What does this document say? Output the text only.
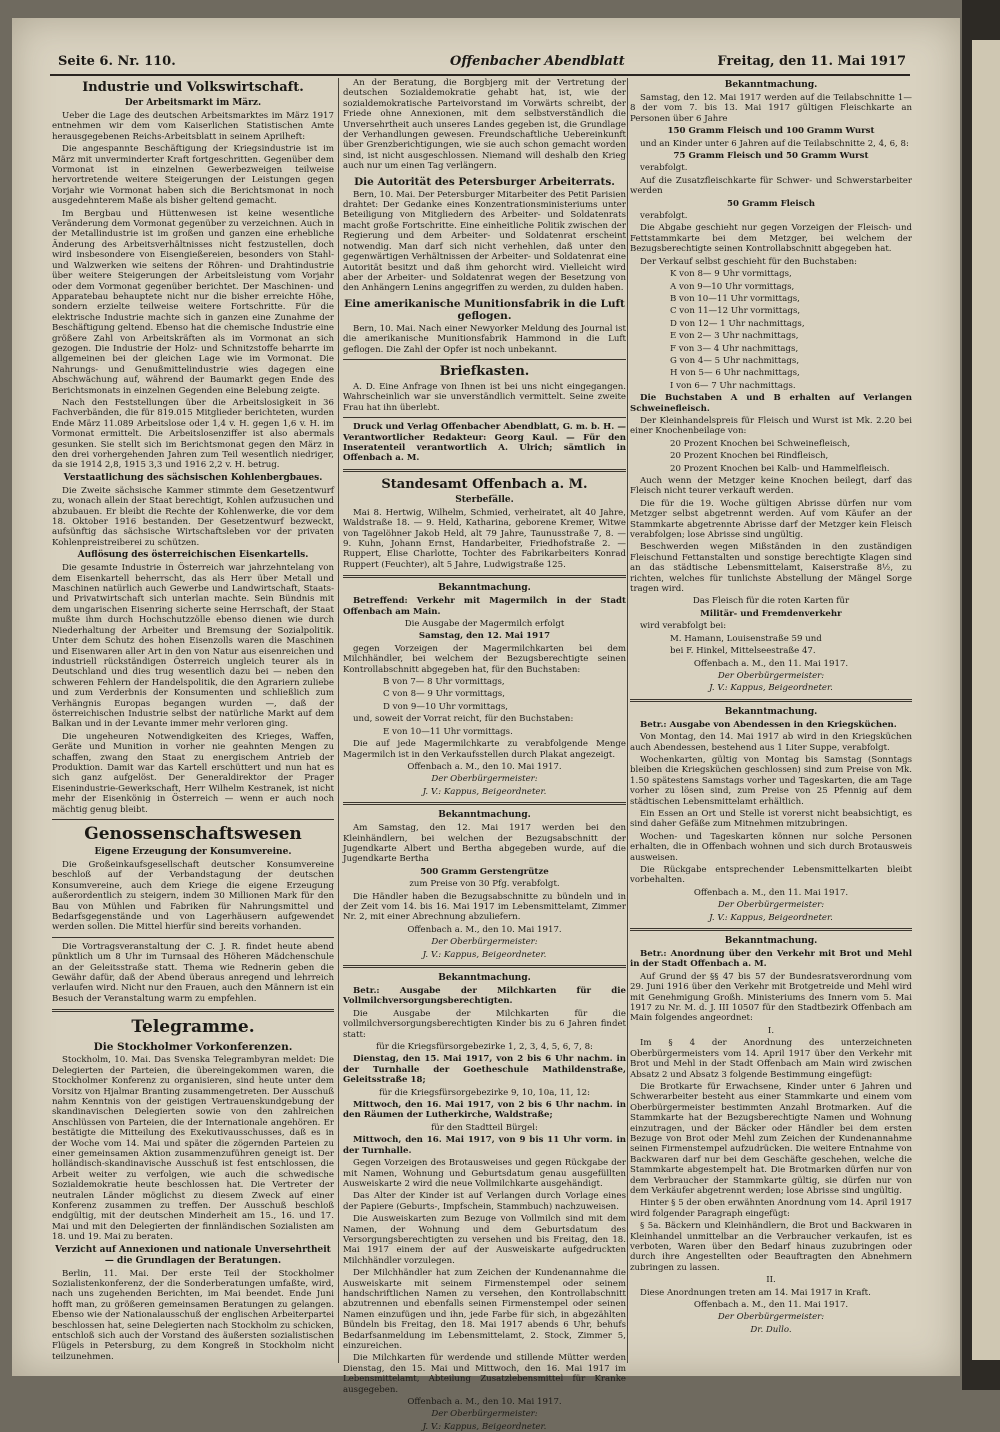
Seite 6. Nr. 110.	Offenbacher Abendblatt	Freitag, den 11. Mai 1917
Industrie und Volkswirtschaft.
Der Arbeitsmarkt im März.

Ueber die Lage des deutschen Arbeitsmarktes im März 1917 entnehmen wir dem vom Kaiserlichen Statistischen Amte herausgegebenen Reichs-Arbeitsblatt in seinem Aprilheft:

Die angespannte Beschäftigung der Kriegsindustrie ist im März mit unverminderter Kraft fortgeschritten. Gegenüber dem Vormonat ist in einzelnen Gewerbezweigen teilweise hervortretende weitere Steigerungen der Leistungen gegen Vorjahr wie Vormonat haben sich die Berichtsmonat in noch ausgedehnterem Maße als bisher geltend gemacht.

Im Bergbau und Hüttenwesen ist keine wesentliche Veränderung dem Vormonat gegenüber zu verzeichnen. Auch in der Metallindustrie ist im großen und ganzen eine erhebliche Änderung des Arbeitsverhältnisses nicht festzustellen, doch wird insbesondere von Eisengießereien, besonders von Stahl- und Walzwerken wie seitens der Röhren- und Drahtindustrie über weitere Steigerungen der Arbeitsleistung vom Vorjahr oder dem Vormonat gegenüber berichtet. Der Maschinen- und Apparatebau behauptete nicht nur die bisher erreichte Höhe, sondern erzielte teilweise weitere Fortschritte. Für die elektrische Industrie machte sich in ganzen eine Zunahme der Beschäftigung geltend. Ebenso hat die chemische Industrie eine größere Zahl von Arbeitskräften als im Vormonat an sich gezogen. Die Industrie der Holz- und Schnitzstoffe beharrte im allgemeinen bei der gleichen Lage wie im Vormonat. Die Nahrungs- und Genußmittelindustrie wies dagegen eine Abschwächung auf, während der Baumarkt gegen Ende des Berichtsmonats in einzelnen Gegenden eine Belebung zeigte.

Nach den Feststellungen über die Arbeitslosigkeit in 36 Fachverbänden, die für 819.015 Mitglieder berichteten, wurden Ende März 11.089 Arbeitslose oder 1,4 v. H. gegen 1,6 v. H. im Vormonat ermittelt. Die Arbeitslosenziffer ist also abermals gesunken. Sie stellt sich im Berichtsmonat gegen den März in den drei vorhergehenden Jahren zum Teil wesentlich niedriger, da sie 1914 2,8, 1915 3,3 und 1916 2,2 v. H. betrug.

Verstaatlichung des sächsischen Kohlenbergbaues.

Die Zweite sächsische Kammer stimmte dem Gesetzentwurf zu, wonach allein der Staat berechtigt, Kohlen aufzusuchen und abzubauen. Er bleibt die Rechte der Kohlenwerke, die vor dem 18. Oktober 1916 bestanden. Der Gesetzentwurf bezweckt, aufsünftig das sächsische Wirtschaftsleben vor der privaten Kohlenpreistreiberei zu schützen.

Auflösung des österreichischen Eisenkartells.

Die gesamte Industrie in Österreich war jahrzehntelang von dem Eisenkartell beherrscht, das als Herr über Metall und Maschinen natürlich auch Gewerbe und Landwirtschaft, Staats- und Privatwirtschaft sich unterlan machte. Sein Bündnis mit dem ungarischen Eisenring sicherte seine Herrschaft, der Staat mußte ihm durch Hochschutzzölle ebenso dienen wie durch Niederhaltung der Arbeiter und Bremsung der Sozialpolitik. Unter dem Schutz des hohen Eisenzolls waren die Maschinen und Eisenwaren aller Art in den von Natur aus eisenreichen und industriell rückständigen Österreich ungleich teurer als in Deutschland und dies trug wesentlich dazu bei — neben den schweren Fehlern der Handelspolitik, die den Agrariern zuliebe und zum Verderbnis der Konsumenten und schließlich zum Verhängnis Europas begangen wurden —, daß der österreichischen Industrie selbst der natürliche Markt auf dem Balkan und in der Levante immer mehr verloren ging.

Die ungeheuren Notwendigkeiten des Krieges, Waffen, Geräte und Munition in vorher nie geahnten Mengen zu schaffen, zwang den Staat zu energischem Antrieb der Produktion. Damit war das Kartell erschüttert und nun hat es sich ganz aufgelöst. Der Generaldirektor der Prager Eisenindustrie-Gewerkschaft, Herr Wilhelm Kestranek, ist nicht mehr der Eisenkönig in Österreich — wenn er auch noch mächtig genug bleibt.

Genossenschaftswesen
Eigene Erzeugung der Konsumvereine.

Die Großeinkaufsgesellschaft deutscher Konsumvereine beschloß auf der Verbandstagung der deutschen Konsumvereine, auch dem Kriege die eigene Erzeugung außerordentlich zu steigern, indem 30 Millionen Mark für den Bau von Mühlen und Fabriken für Nahrungsmittel und Bedarfsgegenstände und von Lagerhäusern aufgewendet werden sollen. Die Mittel hierfür sind bereits vorhanden.

Die Vortragsveranstaltung der C. J. R. findet heute abend pünktlich um 8 Uhr im Turnsaal des Höheren Mädchenschule an der Geleitsstraße statt. Thema wie Rednerin geben die Gewähr dafür, daß der Abend überaus anregend und lehrreich verlaufen wird. Nicht nur den Frauen, auch den Männern ist ein Besuch der Veranstaltung warm zu empfehlen.

Telegramme.
Die Stockholmer Vorkonferenzen.

Stockholm, 10. Mai. Das Svenska Telegrambyran meldet: Die Delegierten der Parteien, die übereingekommen waren, die Stockholmer Konferenz zu organisieren, sind heute unter dem Vorsitz von Hjalmar Branting zusammengetreten. Der Ausschuß nahm Kenntnis von der geistigen Vertrauenskundgebung der skandinavischen Delegierten sowie von den zahlreichen Anschlüssen von Parteien, die der Internationale angehören. Er bestätigte die Mitteilung des Exekutivausschusses, daß es in der Woche vom 14. Mai und später die zögernden Parteien zu einer gemeinsamen Aktion zusammenzuführen geneigt ist. Der holländisch-skandinavische Ausschuß ist fest entschlossen, die Arbeit weiter zu verfolgen, wie auch die schwedische Sozialdemokratie heute beschlossen hat. Die Vertreter der neutralen Länder möglichst zu diesem Zweck auf einer Konferenz zusammen zu treffen. Der Ausschuß beschloß endgültig, mit der deutschen Minderheit am 15., 16. und 17. Mai und mit den Delegierten der finnländischen Sozialisten am 18. und 19. Mai zu beraten.

Verzicht auf Annexionen und nationale Unversehrtheit — die Grundlagen der Beratungen.

Berlin, 11. Mai. Der erste Teil der Stockholmer Sozialistenkonferenz, der die Sonderberatungen umfaßte, wird, nach uns zugehenden Berichten, im Mai beendet. Ende Juni hofft man, zu größeren gemeinsamen Beratungen zu gelangen. Ebenso wie der Nationalausschuß der englischen Arbeiterpartei beschlossen hat, seine Delegierten nach Stockholm zu schicken, entschloß sich auch der Vorstand des äußersten sozialistischen Flügels in Petersburg, zu dem Kongreß in Stockholm nicht teilzunehmen.

An der Beratung, die Borgbjerg mit der Vertretung der deutschen Sozialdemokratie gehabt hat, ist, wie der sozialdemokratische Parteivorstand im Vorwärts schreibt, der Friede ohne Annexionen, mit dem selbstverständlich die Unversehrtheit auch unseres Landes gegeben ist, die Grundlage der Verhandlungen gewesen. Freundschaftliche Uebereinkunft über Grenzberichtigungen, wie sie auch schon gemacht worden sind, ist nicht ausgeschlossen. Niemand will deshalb den Krieg auch nur um einen Tag verlängern.

Die Autorität des Petersburger Arbeiterrats.

Bern, 10. Mai. Der Petersburger Mitarbeiter des Petit Parisien drahtet: Der Gedanke eines Konzentrationsministeriums unter Beteiligung von Mitgliedern des Arbeiter- und Soldatenrats macht große Fortschritte. Eine einheitliche Politik zwischen der Regierung und dem Arbeiter- und Soldatenrat erscheint notwendig. Man darf sich nicht verhehlen, daß unter den gegenwärtigen Verhältnissen der Arbeiter- und Soldatenrat eine Autorität besitzt und daß ihm gehorcht wird. Vielleicht wird aber der Arbeiter- und Soldatenrat wegen der Besetzung von den Anhängern Lenins angegriffen zu werden, zu dulden haben.

Eine amerikanische Munitionsfabrik in die Luft geflogen.

Bern, 10. Mai. Nach einer Newyorker Meldung des Journal ist die amerikanische Munitionsfabrik Hammond in die Luft geflogen. Die Zahl der Opfer ist noch unbekannt.

Briefkasten.

A. D. Eine Anfrage von Ihnen ist bei uns nicht eingegangen. Wahrscheinlich war sie unverständlich vermittelt. Seine zweite Frau hat ihn überlebt.

Druck und Verlag Offenbacher Abendblatt, G. m. b. H. — Verantwortlicher Redakteur: Georg Kaul. — Für den Inseratenteil verantwortlich A. Ulrich; sämtlich in Offenbach a. M.

Standesamt Offenbach a. M.
Sterbefälle.

Mai 8. Hertwig, Wilhelm, Schmied, verheiratet, alt 40 Jahre, Waldstraße 18. — 9. Held, Katharina, geborene Kremer, Witwe von Tagelöhner Jakob Held, alt 79 Jahre, Taunusstraße 7, 8. — 9. Kuhn, Johann Ernst, Handarbeiter, Friedhofstraße 2. — Ruppert, Elise Charlotte, Tochter des Fabrikarbeiters Konrad Ruppert (Feuchter), alt 5 Jahre, Ludwigstraße 125.

Bekanntmachung.

Betreffend: Verkehr mit Magermilch in der Stadt Offenbach am Main.

Die Ausgabe der Magermilch erfolgt

Samstag, den 12. Mai 1917

gegen Vorzeigen der Magermilchkarten bei dem Milchhändler, bei welchem der Bezugsberechtigte seinen Kontrollabschnitt abgegeben hat, für den Buchstaben:

B von 7— 8 Uhr vormittags,

C von 8— 9 Uhr vormittags,

D von 9—10 Uhr vormittags,

und, soweit der Vorrat reicht, für den Buchstaben:

E von 10—11 Uhr vormittags.

Die auf jede Magermilchkarte zu verabfolgende Menge Magermilch ist in den Verkaufsstellen durch Plakat angezeigt.

Offenbach a. M., den 10. Mai 1917.

Der Oberbürgermeister:

J. V.: Kappus, Beigeordneter.

Bekanntmachung.

Am Samstag, den 12. Mai 1917 werden bei den Kleinhändlern, bei welchen der Bezugsabschnitt der Jugendkarte Albert und Bertha abgegeben wurde, auf die Jugendkarte Bertha

500 Gramm Gerstengrütze

zum Preise von 30 Pfg. verabfolgt.

Die Händler haben die Bezugsabschnitte zu bündeln und in der Zeit vom 14. bis 16. Mai 1917 im Lebensmittelamt, Zimmer Nr. 2, mit einer Abrechnung abzuliefern.

Offenbach a. M., den 10. Mai 1917.

Der Oberbürgermeister:

J. V.: Kappus, Beigeordneter.

Bekanntmachung.

Betr.: Ausgabe der Milchkarten für die Vollmilchversorgungsberechtigten.

Die Ausgabe der Milchkarten für die vollmilchversorgungsberechtigten Kinder bis zu 6 Jahren findet statt:

für die Kriegsfürsorgebezirke 1, 2, 3, 4, 5, 6, 7, 8:

Dienstag, den 15. Mai 1917, von 2 bis 6 Uhr nachm. in der Turnhalle der Goetheschule Mathildenstraße, Geleitsstraße 18;

für die Kriegsfürsorgebezirke 9, 10, 10a, 11, 12:

Mittwoch, den 16. Mai 1917, von 2 bis 6 Uhr nachm. in den Räumen der Lutherkirche, Waldstraße;

für den Stadtteil Bürgel:

Mittwoch, den 16. Mai 1917, von 9 bis 11 Uhr vorm. in der Turnhalle.

Gegen Vorzeigen des Brotausweises und gegen Rückgabe der mit Namen, Wohnung und Geburtsdatum genau ausgefüllten Ausweiskarte 2 wird die neue Vollmilchkarte ausgehändigt.

Das Alter der Kinder ist auf Verlangen durch Vorlage eines der Papiere (Geburts-, Impfschein, Stammbuch) nachzuweisen.

Die Ausweiskarten zum Bezuge von Vollmilch sind mit dem Namen, der Wohnung und dem Geburtsdatum des Versorgungsberechtigten zu versehen und bis Freitag, den 18. Mai 1917 einem der auf der Ausweiskarte aufgedruckten Milchhändler vorzulegen.

Der Milchhändler hat zum Zeichen der Kundenannahme die Ausweiskarte mit seinem Firmenstempel oder seinem handschriftlichen Namen zu versehen, den Kontrollabschnitt abzutrennen und ebenfalls seinen Firmenstempel oder seinen Namen einzufügen und ihn, jede Farbe für sich, in abgezählten Bündeln bis Freitag, den 18. Mai 1917 abends 6 Uhr, behufs Bedarfsanmeldung im Lebensmittelamt, 2. Stock, Zimmer 5, einzureichen.

Die Milchkarten für werdende und stillende Mütter werden Dienstag, den 15. Mai und Mittwoch, den 16. Mai 1917 im Lebensmittelamt, Abteilung Zusatzlebensmittel für Kranke ausgegeben.

Offenbach a. M., den 10. Mai 1917.

Der Oberbürgermeister:

J. V.: Kappus, Beigeordneter.

Bekanntmachung.

Samstag, den 12. Mai 1917 werden auf die Teilabschnitte 1—8 der vom 7. bis 13. Mai 1917 gültigen Fleischkarte an Personen über 6 Jahre

150 Gramm Fleisch und 100 Gramm Wurst

und an Kinder unter 6 Jahren auf die Teilabschnitte 2, 4, 6, 8:

75 Gramm Fleisch und 50 Gramm Wurst

verabfolgt.

Auf die Zusatzfleischkarte für Schwer- und Schwerstarbeiter werden

50 Gramm Fleisch

verabfolgt.

Die Abgabe geschieht nur gegen Vorzeigen der Fleisch- und Fettstammkarte bei dem Metzger, bei welchem der Bezugsberechtigte seinen Kontrollabschnitt abgegeben hat.

Der Verkauf selbst geschieht für den Buchstaben:

K von 8— 9 Uhr vormittags,

A von 9—10 Uhr vormittags,

B von 10—11 Uhr vormittags,

C von 11—12 Uhr vormittags,

D von 12— 1 Uhr nachmittags,

E von 2— 3 Uhr nachmittags,

F von 3— 4 Uhr nachmittags,

G von 4— 5 Uhr nachmittags,

H von 5— 6 Uhr nachmittags,

I von 6— 7 Uhr nachmittags.

Die Buchstaben A und B erhalten auf Verlangen Schweinefleisch.

Der Kleinhandelspreis für Fleisch und Wurst ist Mk. 2.20 bei einer Knochenbeilage von:

20 Prozent Knochen bei Schweinefleisch,

20 Prozent Knochen bei Rindfleisch,

20 Prozent Knochen bei Kalb- und Hammelfleisch.

Auch wenn der Metzger keine Knochen beilegt, darf das Fleisch nicht teurer verkauft werden.

Die für die 19. Woche gültigen Abrisse dürfen nur vom Metzger selbst abgetrennt werden. Auf vom Käufer an der Stammkarte abgetrennte Abrisse darf der Metzger kein Fleisch verabfolgen; lose Abrisse sind ungültig.

Beschwerden wegen Mißständen in den zuständigen Fleischund Fettanstalten und sonstige berechtigte Klagen sind an das städtische Lebensmittelamt, Kaiserstraße 8½, zu richten, welches für tunlichste Abstellung der Mängel Sorge tragen wird.

Das Fleisch für die roten Karten für

Militär- und Fremdenverkehr

wird verabfolgt bei:

M. Hamann, Louisenstraße 59 und

bei F. Hinkel, Mittelseestraße 47.

Offenbach a. M., den 11. Mai 1917.

Der Oberbürgermeister:

J. V.: Kappus, Beigeordneter.

Bekanntmachung.

Betr.: Ausgabe von Abendessen in den Kriegsküchen.

Von Montag, den 14. Mai 1917 ab wird in den Kriegsküchen auch Abendessen, bestehend aus 1 Liter Suppe, verabfolgt.

Wochenkarten, gültig von Montag bis Samstag (Sonntags bleiben die Kriegsküchen geschlossen) sind zum Preise von Mk. 1.50 spätestens Samstags vorher und Tageskarten, die am Tage vorher zu lösen sind, zum Preise von 25 Pfennig auf dem städtischen Lebensmittelamt erhältlich.

Ein Essen an Ort und Stelle ist vorerst nicht beabsichtigt, es sind daher Gefäße zum Mitnehmen mitzubringen.

Wochen- und Tageskarten können nur solche Personen erhalten, die in Offenbach wohnen und sich durch Brotausweis ausweisen.

Die Rückgabe entsprechender Lebensmittelkarten bleibt vorbehalten.

Offenbach a. M., den 11. Mai 1917.

Der Oberbürgermeister:

J. V.: Kappus, Beigeordneter.

Bekanntmachung.

Betr.: Anordnung über den Verkehr mit Brot und Mehl in der Stadt Offenbach a. M.

Auf Grund der §§ 47 bis 57 der Bundesratsverordnung vom 29. Juni 1916 über den Verkehr mit Brotgetreide und Mehl wird mit Genehmigung Großh. Ministeriums des Innern vom 5. Mai 1917 zu Nr. M. d. J. III 10507 für den Stadtbezirk Offenbach am Main folgendes angeordnet:

I.

Im § 4 der Anordnung des unterzeichneten Oberbürgermeisters vom 14. April 1917 über den Verkehr mit Brot und Mehl in der Stadt Offenbach am Main wird zwischen Absatz 2 und Absatz 3 folgende Bestimmung eingefügt:

Die Brotkarte für Erwachsene, Kinder unter 6 Jahren und Schwerarbeiter besteht aus einer Stammkarte und einem vom Oberbürgermeister bestimmten Anzahl Brotmarken. Auf die Stammkarte hat der Bezugsberechtigte Namen und Wohnung einzutragen, und der Bäcker oder Händler bei dem ersten Bezuge von Brot oder Mehl zum Zeichen der Kundenannahme seinen Firmenstempel aufzudrücken. Die weitere Entnahme von Backwaren darf nur bei dem Geschäfte geschehen, welche die Stammkarte abgestempelt hat. Die Brotmarken dürfen nur von dem Verbraucher der Stammkarte gültig, sie dürfen nur von dem Verkäufer abgetrennt werden; lose Abrisse sind ungültig.

Hinter § 5 der oben erwähnten Anordnung vom 14. April 1917 wird folgender Paragraph eingefügt:

§ 5a. Bäckern und Kleinhändlern, die Brot und Backwaren in Kleinhandel unmittelbar an die Verbraucher verkaufen, ist es verboten, Waren über den Bedarf hinaus zuzubringen oder durch ihre Angestellten oder Beauftragten den Abnehmern zubringen zu lassen.

II.

Diese Anordnungen treten am 14. Mai 1917 in Kraft.

Offenbach a. M., den 11. Mai 1917.

Der Oberbürgermeister:

Dr. Dullo.
